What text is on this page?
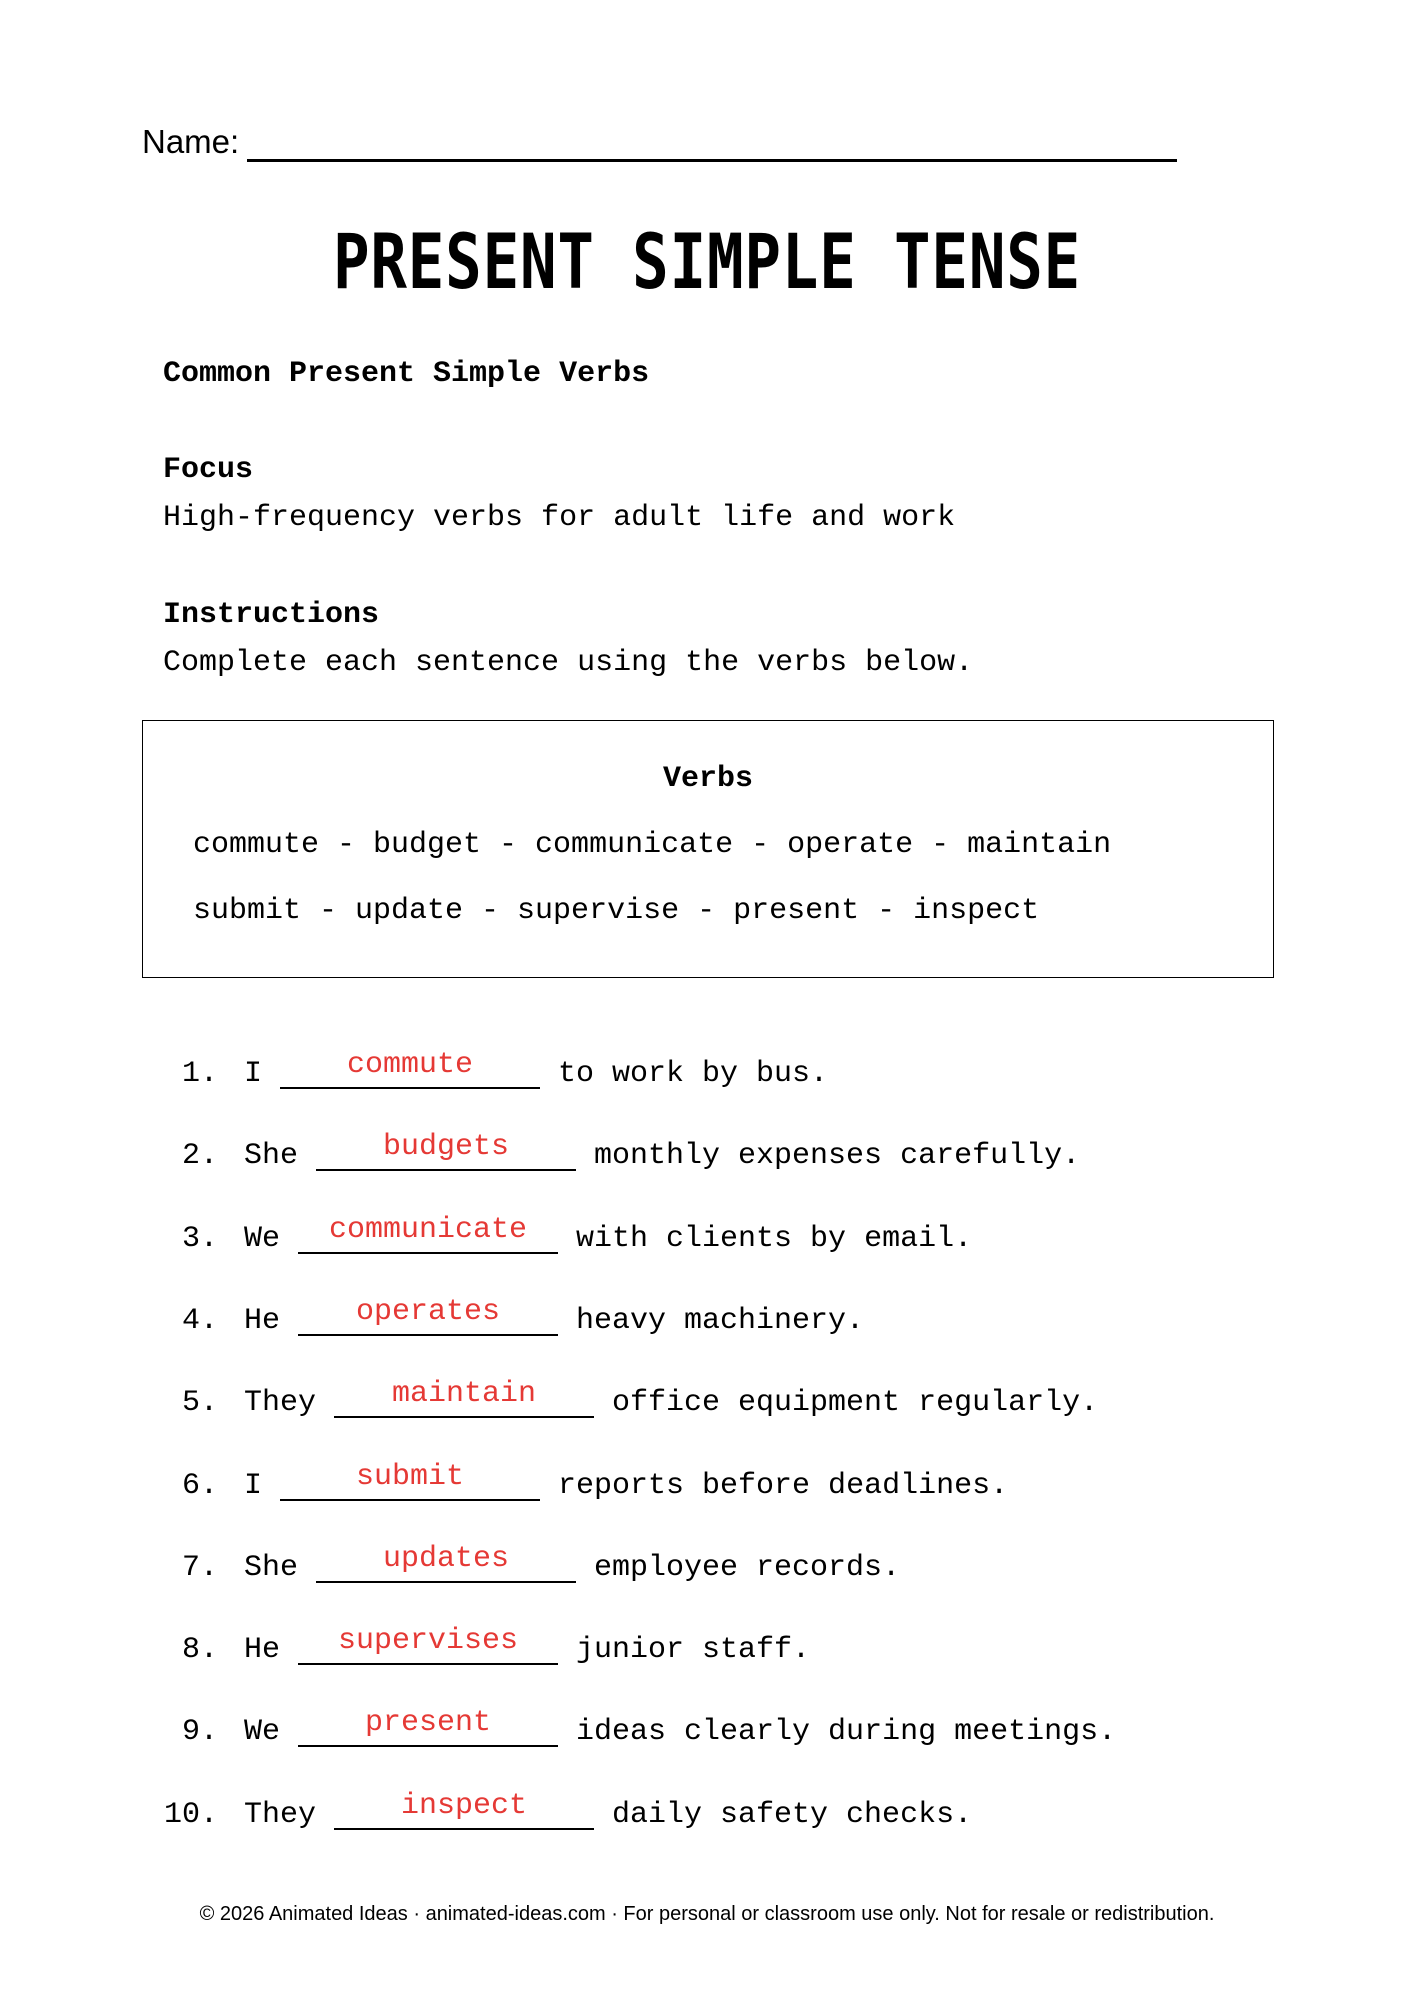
Name:
PRESENT SIMPLE TENSE
Common Present Simple Verbs
Focus
High-frequency verbs for adult life and work
Instructions
Complete each sentence using the verbs below.
Verbs
commute - budget - communicate - operate - maintain
submit - update - supervise - present - inspect
1. I	commute	to work by bus.
2. She	budgets	monthly expenses carefully.
3. We	communicate	with clients by email.
4. He	operates	heavy machinery.
5. They	maintain	office equipment regularly.
6. I	submit	reports before deadlines.
7. She	updates	employee records.
8. He	supervises	junior staff.
9. We	present	ideas clearly during meetings.
10. They	inspect	daily safety checks.
© 2026 Animated Ideas · animated-ideas.com · For personal or classroom use only. Not for resale or redistribution.
